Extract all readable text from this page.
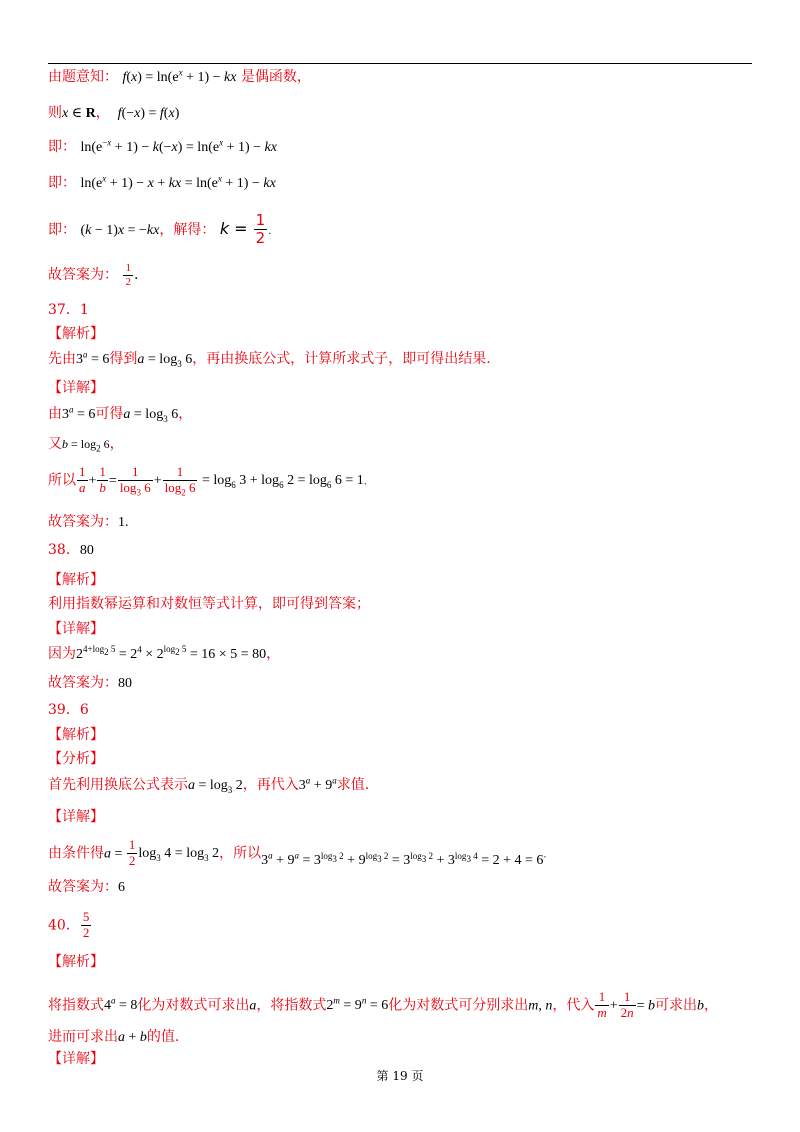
由题意知： $f(x) = \ln(e^x + 1)$ − kx 是偶函数，
则x ∈ R， f(−x) = f(x)
即： $\ln(e^{-x} + 1) - k(-x) = \ln(e^x + 1)$ − kx
即： $\ln(e^x + 1) - x$ + kx = $\ln(e^x + 1)$ − kx
即： (k − 1)x = −kx，解得： $k = \frac{1}{2}$ .
故答案为： $\frac{1}{2}$ .
37．1
【解析】
先由$3^a = 6$得到$a = \log_3 6$，再由换底公式，计算所求式子，即可得出结果.
【详解】
由$3^a = 6$可得$a = \log_3 6$，
又$b = \log_2 6$，
所以 $\frac{1}{a} + \frac{1}{b} = \frac{1}{\log_3 6} + \frac{1}{\log_2 6} = \log_6 3 + \log_6 2 = \log_6 6 = 1$.
故答案为：1.
38．80
【解析】
利用指数幂运算和对数恒等式计算，即可得到答案；
【详解】
因为$2^{4+log_2 5} = 2^4 \times 2^{log_2 5} = 16 \times 5 = 80$，
故答案为：80
39．6
【解析】
【分析】
首先利用换底公式表示$a = \log_3 2$，再代入$3^a + 9^a$求值.
【详解】
由条件得$a = \frac{1}{2} \log_3 4 = \log_3 2$，所以$3^a + 9^a = 3^{log_3 2} + 9^{log_3 2} = 3^{log_3 2} + 3^{log_3 4} = 2 + 4 = 6$.
故答案为：6
40． $\frac{5}{2}$
【解析】
将指数式$4^a = 8$化为对数式可求出a，将指数式$2^m = 9^n = 6$化为对数式可分别求出m, n，代入 $\frac{1}{m} + \frac{1}{2n} = b$可求出b，
进而可求出a + b的值.
【详解】
第 19 页
